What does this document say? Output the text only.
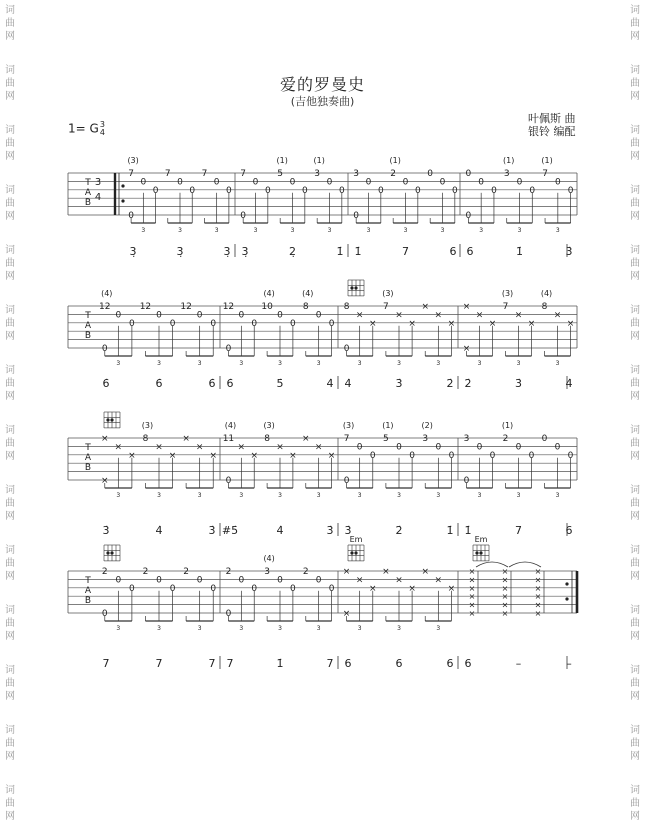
词
曲
网
词
曲
网
词
曲
网
词
曲
网
词
曲
网
词
曲
网
词
曲
网
词
曲
网
词
曲
网
词
曲
网
词
曲
网
词
曲
网
词
曲
网
词
曲
网
词
曲
网
词
曲
网
词
曲
网
词
曲
网
词
曲
网
词
曲
网
词
曲
网
词
曲
网
词
曲
网
词
曲
网
词
曲
网
词
曲
网
词
曲
网
词
曲
网
爱的罗曼史
(吉他独奏曲)
1= G3
4
叶佩斯 曲
银铃 编配
T
A
B
3
4
3	3	3
0
7
0
0
(3)
7
0
0
7
0
0
3̣	3̣	3̣
3	3	3
0
7
0
0
5
0
0
(1)
3
0
0
(1)
3̣	2̣	1̇
3	3	3
0
3
0
0
2
0
0
(1)
0
0
0
1̇	7	6
3	3	3
0
0
0
0
3
0
0
(1)
7
0
0
(1)
6	1̇	3̇
T
A
B
3	3	3
0
12
0
0
(4)
12
0
0
12
0
0
6̇	6̇	6̇
3	3	3
0
12
0
0
10
0
0
(4)
8
0
0
(4)
6̇	5̇	4̇
3	3	3
0
8
×
×
7
×
×
(3)
×
×
×
4̇	3̇	2̇
3	3	3
×
×
×
×
7
×
×
(3)
8
×
×
(4)
2̇	3̇	4̇
T
A
B
3	3	3
×
×
×
×
8
×
×
(3)
×
×
×
3̇	4̇	3̇
3	3	3
0
11
×
×
(4)
8
×
×
(3)
×
×
×
#5̇	4̇	3̇
3	3	3
0
7
0
0
(3)
5
0
0
(1)
3
0
0
(2)
3̇	2̇	1̇
3	3	3
0
3
0
0
2
0
0
(1)
0
0
0
1̇	7	6
T
A
B
3	3	3
0
2
0
0
2
0
0
2
0
0
7	7	7
3	3	3
0
2
0
0
3
0
0
(4)
2
0
0
7	1̇	7
3	3	3
×
×
×
×
×
×
×
×
×
×
6	6	6
×
×
×
×
×
×
×
×
×
×
×
×
×
×
×
×
×
×
6	–	–
Em	Em
